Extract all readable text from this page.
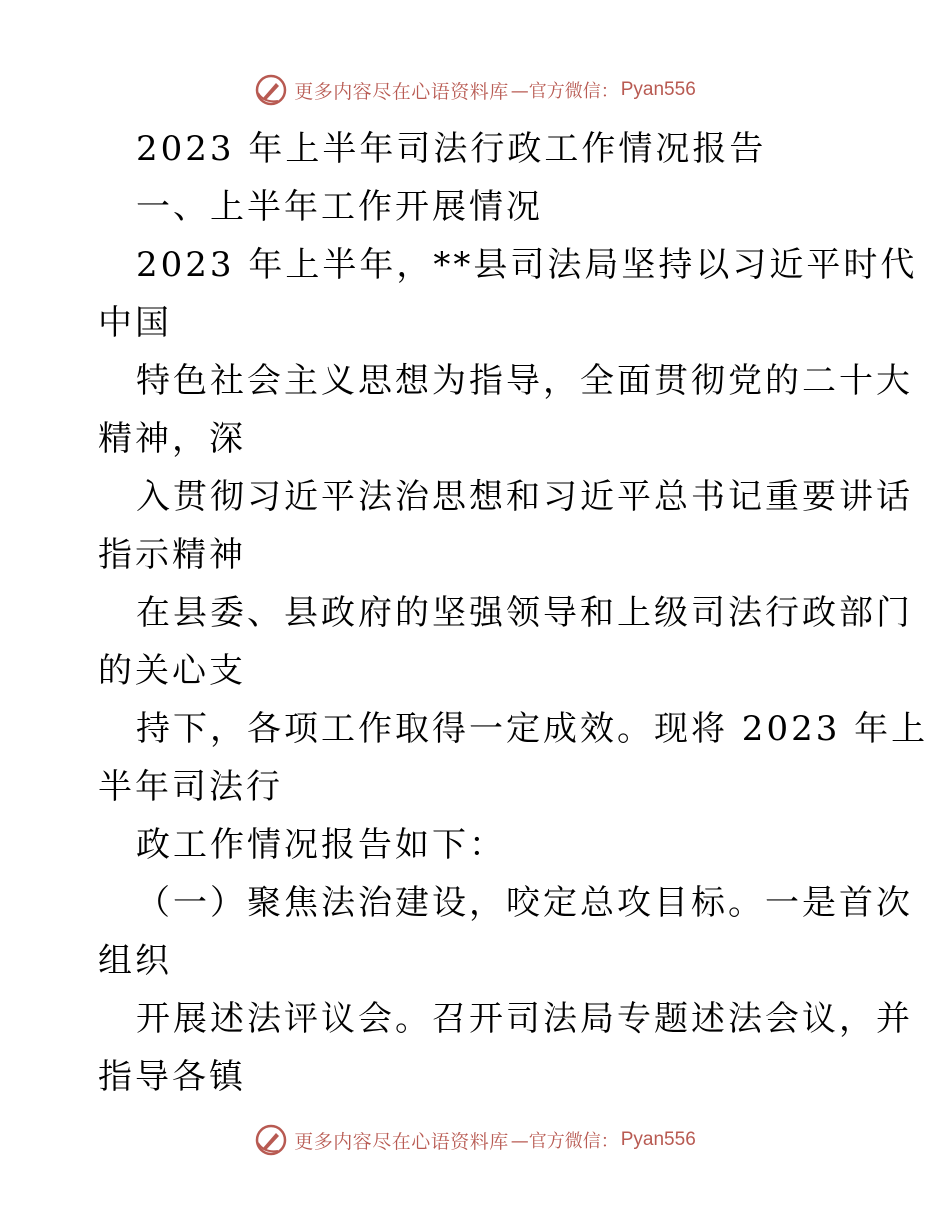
更多内容尽在心语资料库 —官方微信： Pyan556
2023 年上半年司法行政工作情况报告
一、上半年工作开展情况
2023 年上半年，**县司法局坚持以习近平时代
中国
特色社会主义思想为指导，全面贯彻党的二十大
精神，深
入贯彻习近平法治思想和习近平总书记重要讲话
指示精神
在县委、县政府的坚强领导和上级司法行政部门
的关心支
持下，各项工作取得一定成效。现将 2023 年上
半年司法行
政工作情况报告如下：
（一）聚焦法治建设，咬定总攻目标。一是首次
组织
开展述法评议会。召开司法局专题述法会议，并
指导各镇
更多内容尽在心语资料库 —官方微信： Pyan556
